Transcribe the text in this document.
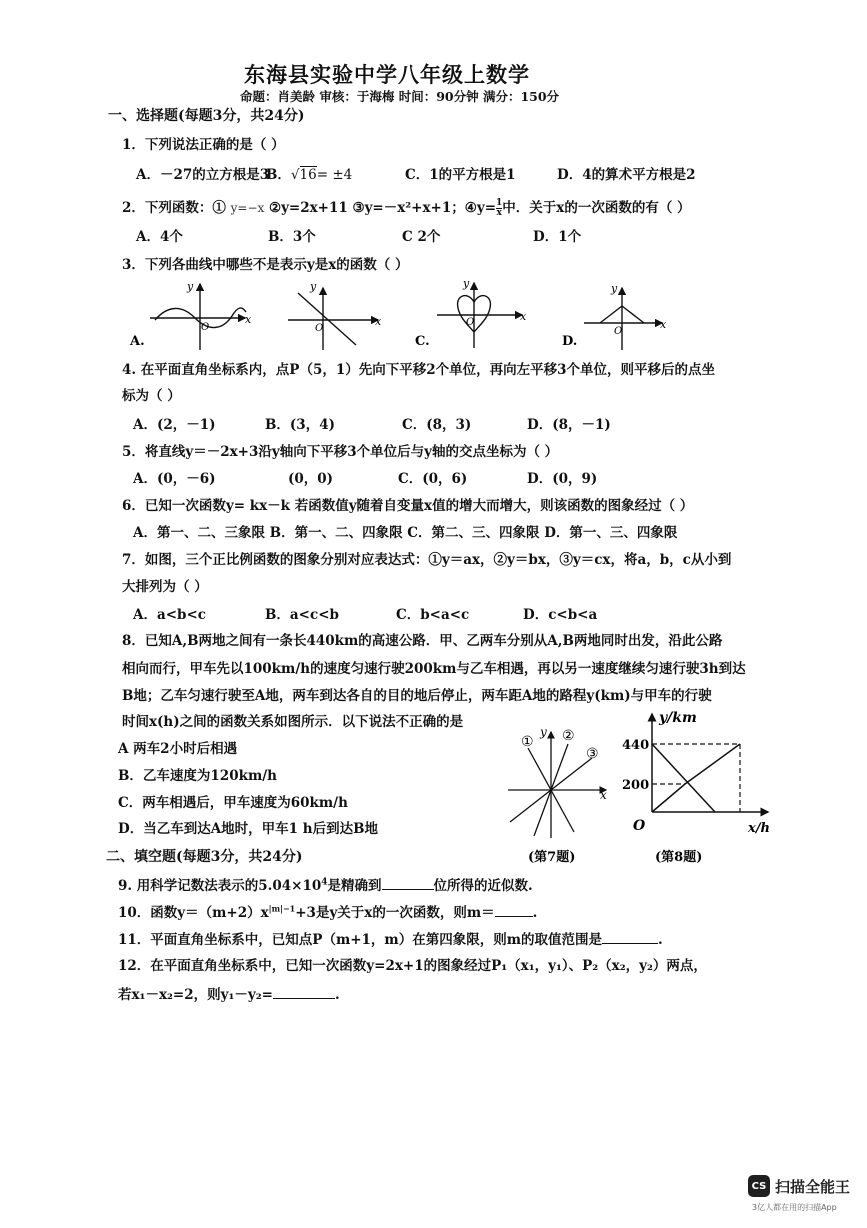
东海县实验中学八年级上数学
命题：肖美龄 审核：于海梅 时间：90分钟 满分：150分
一、选择题(每题3分，共24分)
1．下列说法正确的是（ ）
A．－27的立方根是3
B．√16= ±4	C．1的平方根是1	D．4的算术平方根是2
2．下列函数：① y=−x ②y=2x+11 ③y=－x²+x+1；④y= $\frac{1}{x}$ 中．关于x的一次函数的有（ ）
A．4个	B．3个	C 2个	D．1个
3．下列各曲线中哪些不是表示y是x的函数（ ）
A.
y
x
O
y
x
O
C.
y
x
O
D.
y
x
O
4. 在平面直角坐标系内，点P（5，1）先向下平移2个单位，再向左平移3个单位，则平移后的点坐
标为（ ）
A．(2，－1)	B．(3，4)	C．(8，3)	D．(8，－1)
5．将直线y＝－2x+3沿y轴向下平移3个单位后与y轴的交点坐标为（ ）
A．(0，－6)	(0，0)	C．(0，6)	D．(0，9)
6．已知一次函数y= kx－k 若函数值y随着自变量x值的增大而增大，则该函数的图象经过（ ）
A．第一、二、三象限 B．第一、二、四象限 C．第二、三、四象限 D．第一、三、四象限
7．如图，三个正比例函数的图象分别对应表达式：①y＝ax，②y＝bx，③y＝cx，将a，b，c从小到
大排列为（ ）
A．a<b<c	B．a<c<b	C．b<a<c	D．c<b<a
8．已知A,B两地之间有一条长440km的高速公路．甲、乙两车分别从A,B两地同时出发，沿此公路
相向而行，甲车先以100km/h的速度匀速行驶200km与乙车相遇，再以另一速度继续匀速行驶3h到达
B地；乙车匀速行驶至A地，两车到达各自的目的地后停止，两车距A地的路程y(km)与甲车的行驶
时间x(h)之间的函数关系如图所示．以下说法不正确的是
A 两车2小时后相遇
B．乙车速度为120km/h
C．两车相遇后，甲车速度为60km/h
D．当乙车到达A地时，甲车1 h后到达B地
① ②
③
y
x
(第7题)
y/km
440
200
O	x/h
(第8题)
二、填空题(每题3分，共24分)
9. 用科学记数法表示的$5.04\times 10^4$是精确到	位所得的近似数.
10．函数$y=(m+2)x^{|m|-1}+3$是y关于x的一次函数，则m＝	.
11．平面直角坐标系中，已知点P（m+1，m）在第四象限，则m的取值范围是	.
12．在平面直角坐标系中，已知一次函数y=2x+1的图象经过P₁（x₁，y₁）、P₂（x₂，y₂）两点，
若x₁－x₂=2，则y₁－y₂=	.
CS 扫描全能王
3亿人都在用的扫描App
